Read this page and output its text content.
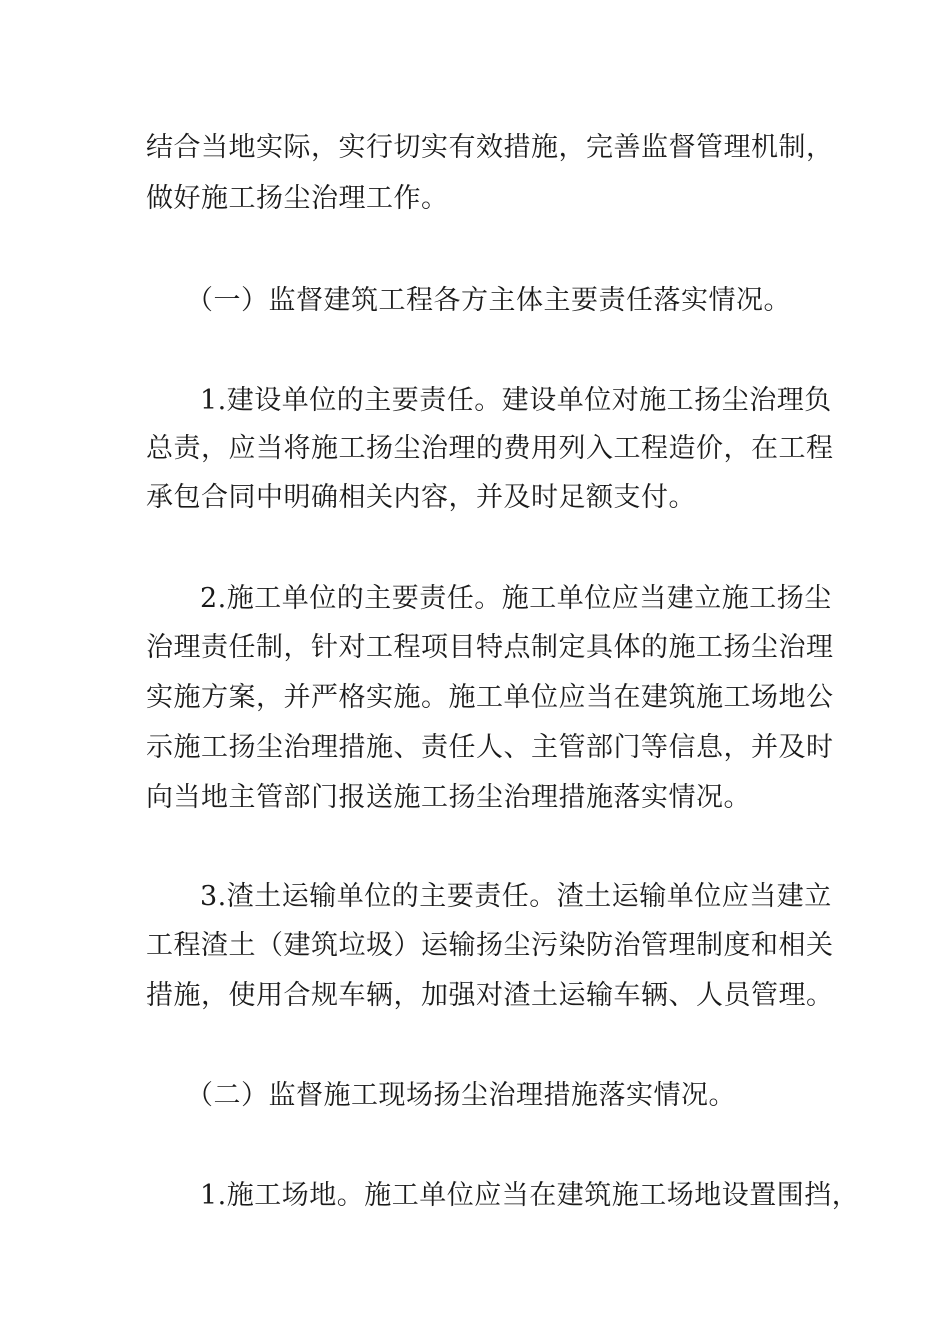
结合当地实际，实行切实有效措施，完善监督管理机制，
做好施工扬尘治理工作。
（一）监督建筑工程各方主体主要责任落实情况。
1.建设单位的主要责任。建设单位对施工扬尘治理负
总责，应当将施工扬尘治理的费用列入工程造价，在工程
承包合同中明确相关内容，并及时足额支付。
2.施工单位的主要责任。施工单位应当建立施工扬尘
治理责任制，针对工程项目特点制定具体的施工扬尘治理
实施方案，并严格实施。施工单位应当在建筑施工场地公
示施工扬尘治理措施、责任人、主管部门等信息，并及时
向当地主管部门报送施工扬尘治理措施落实情况。
3.渣土运输单位的主要责任。渣土运输单位应当建立
工程渣土（建筑垃圾）运输扬尘污染防治管理制度和相关
措施，使用合规车辆，加强对渣土运输车辆、人员管理。
（二）监督施工现场扬尘治理措施落实情况。
1.施工场地。施工单位应当在建筑施工场地设置围挡，
